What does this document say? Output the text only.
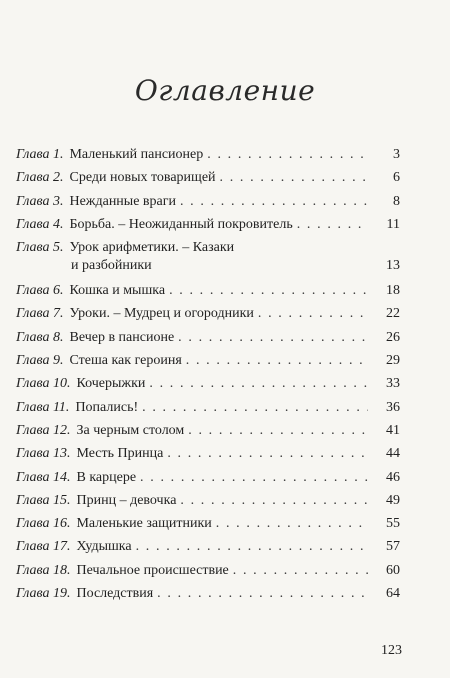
Оглавление
Глава 1. Маленький пансионер . . .	3
Глава 2. Среди новых товарищей . . .	6
Глава 3. Нежданные враги . . .	8
Глава 4. Борьба. – Неожиданный покровитель . . .	11
Глава 5. Урок арифметики. – Казаки
и разбойники	13
Глава 6. Кошка и мышка . . .	18
Глава 7. Уроки. – Мудрец и огородники . . .	22
Глава 8. Вечер в пансионе . . .	26
Глава 9. Стеша как героиня . . .	29
Глава 10. Кочерыжки . . .	33
Глава 11. Попались! . . .	36
Глава 12. За черным столом . . .	41
Глава 13. Месть Принца . . .	44
Глава 14. В карцере . . .	46
Глава 15. Принц – девочка . . .	49
Глава 16. Маленькие защитники . . .	55
Глава 17. Худышка . . .	57
Глава 18. Печальное происшествие . . .	60
Глава 19. Последствия . . .	64
123
